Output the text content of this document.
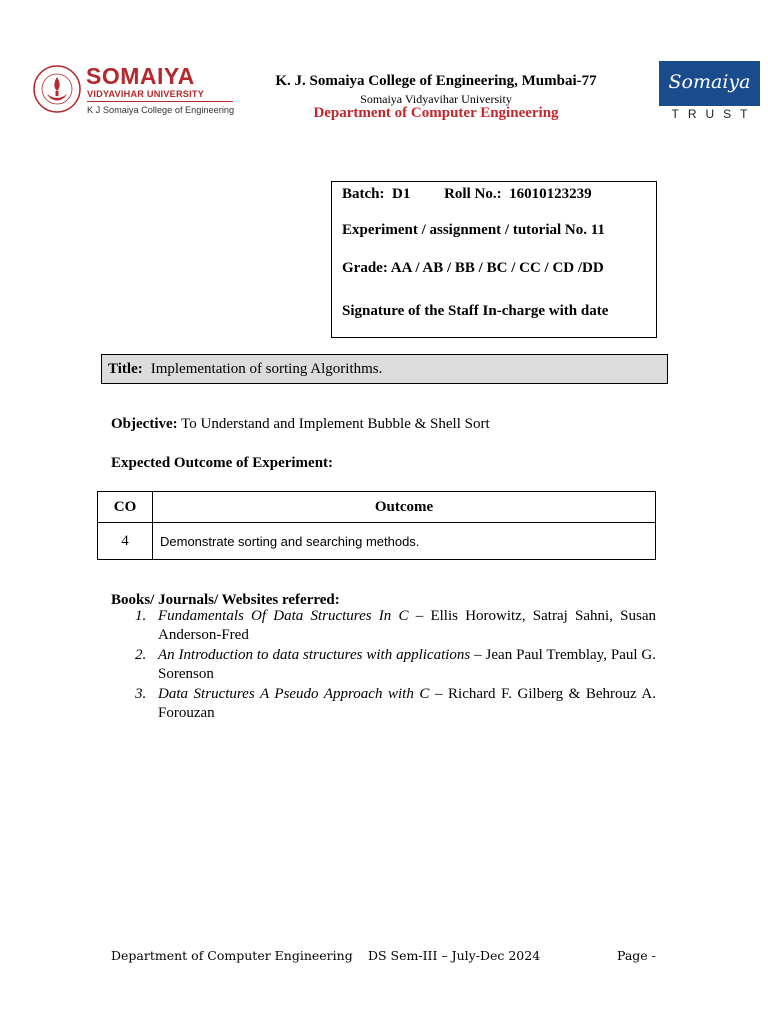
SOMAIYA
VIDYAVIHAR UNIVERSITY
K J Somaiya College of Engineering
K. J. Somaiya College of Engineering, Mumbai-77
Somaiya Vidyavihar University
Department of Computer Engineering
Somaiya
TRUST
Batch: D1 Roll No.: 16010123239
Experiment / assignment / tutorial No. 11
Grade: AA / AB / BB / BC / CC / CD /DD
Signature of the Staff In-charge with date
Title: Implementation of sorting Algorithms.
Objective: To Understand and Implement Bubble & Shell Sort
Expected Outcome of Experiment:
CO	Outcome
4	Demonstrate sorting and searching methods.
Books/ Journals/ Websites referred:
1. Fundamentals Of Data Structures In C – Ellis Horowitz, Satraj Sahni, Susan Anderson-Fred
2. An Introduction to data structures with applications – Jean Paul Tremblay, Paul G. Sorenson
3. Data Structures A Pseudo Approach with C – Richard F. Gilberg & Behrouz A. Forouzan
Department of Computer Engineering DS Sem-III – July-Dec 2024	Page -
